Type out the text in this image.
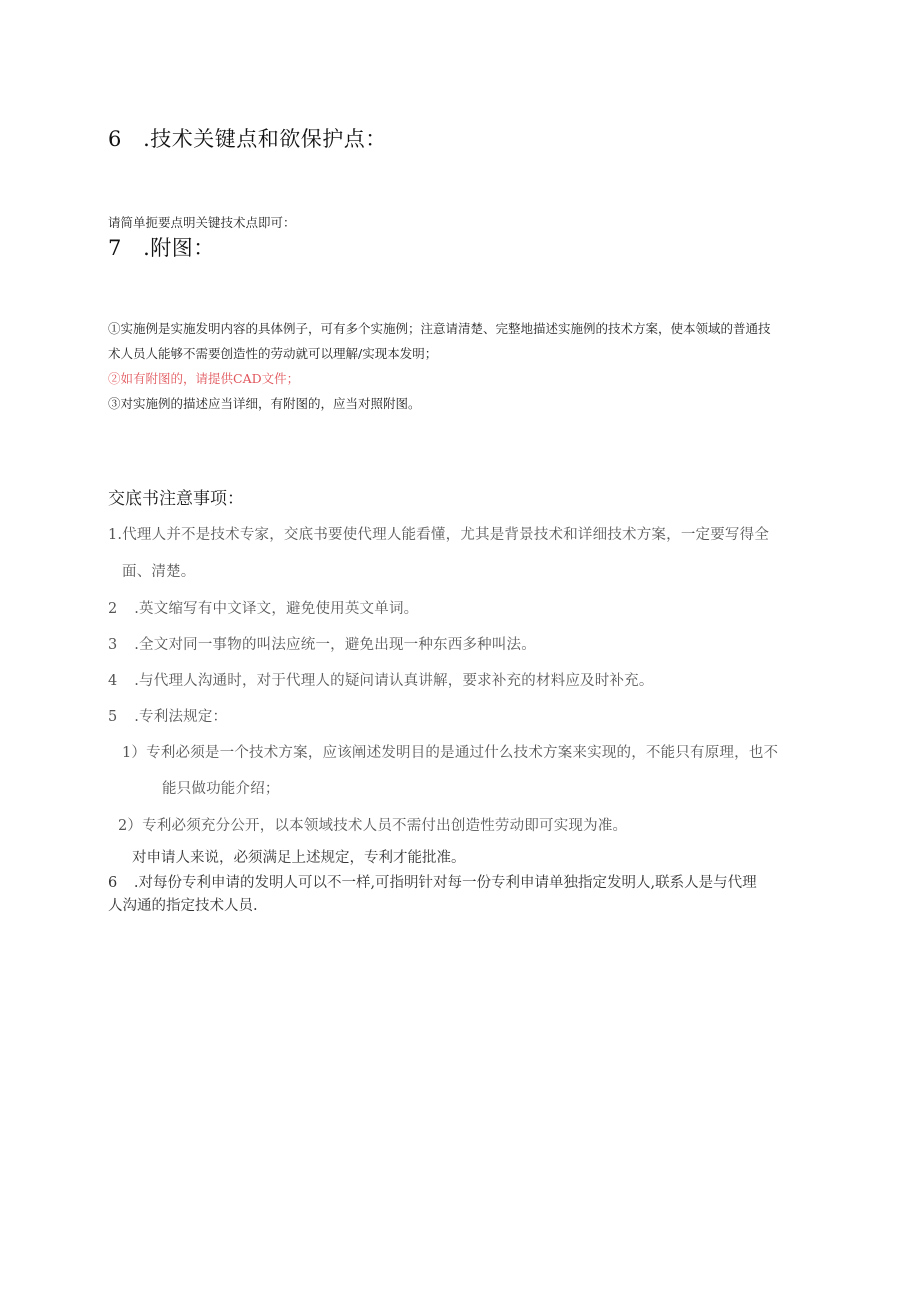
6 .技术关键点和欲保护点：
请简单扼要点明关键技术点即可：
7 .附图：
①实施例是实施发明内容的具体例子，可有多个实施例；注意请清楚、完整地描述实施例的技术方案，使本领域的普通技
术人员人能够不需要创造性的劳动就可以理解/实现本发明；
②如有附图的，请提供CAD文件；
③对实施例的描述应当详细，有附图的，应当对照附图。
交底书注意事项：
1.代理人并不是技术专家，交底书要使代理人能看懂，尤其是背景技术和详细技术方案，一定要写得全
面、清楚。
2 .英文缩写有中文译文，避免使用英文单词。
3 .全文对同一事物的叫法应统一，避免出现一种东西多种叫法。
4 .与代理人沟通时，对于代理人的疑问请认真讲解，要求补充的材料应及时补充。
5 .专利法规定：
1）专利必须是一个技术方案，应该阐述发明目的是通过什么技术方案来实现的，不能只有原理，也不
能只做功能介绍；
2）专利必须充分公开，以本领域技术人员不需付出创造性劳动即可实现为准。
对申请人来说，必须满足上述规定，专利才能批准。
6 .对每份专利申请的发明人可以不一样,可指明针对每一份专利申请单独指定发明人,联系人是与代理
人沟通的指定技术人员.
